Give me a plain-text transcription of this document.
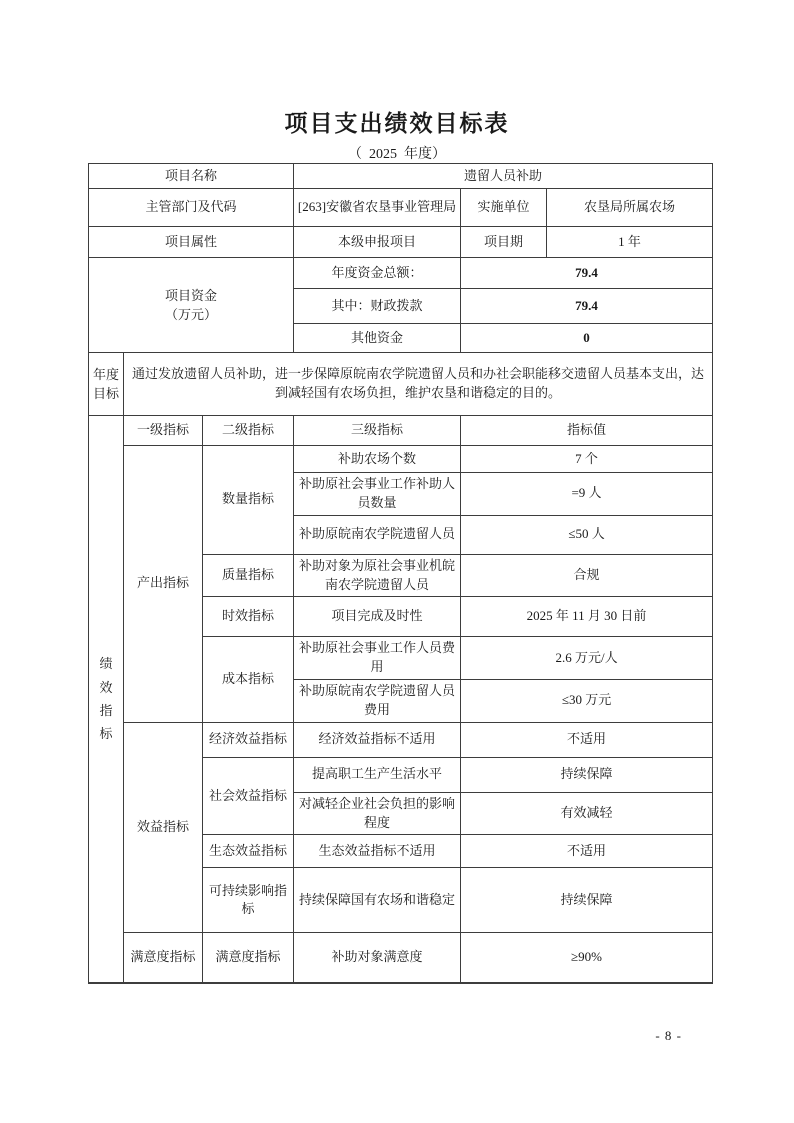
项目支出绩效目标表
（  2025  年度）
项目名称			遗留人员补助		
主管部门及代码			[263]安徽省农垦事业管理局	实施单位	农垦局所属农场
项目属性			本级申报项目	项目期	1 年

项目资金
（万元）			年度资金总额：	79.4	
			其中：财政拨款	79.4	
			其他资金	0	

年度目标	通过发放遗留人员补助，进一步保障原皖南农学院遗留人员和办社会职能移交遗留人员基本支出，达到减轻国有农场负担，维护农垦和谐稳定的目的。				

绩效指标	一级指标	二级指标	三级指标	指标值	
	产出指标	数量指标	补助农场个数	7 个	
			补助原社会事业工作补助人员数量	=9 人	
			补助原皖南农学院遗留人员	≤50 人	
		质量指标	补助对象为原社会事业机皖南农学院遗留人员	合规	
		时效指标	项目完成及时性	2025 年 11 月 30 日前	
		成本指标	补助原社会事业工作人员费用	2.6 万元/人	
			补助原皖南农学院遗留人员费用	≤30 万元	
	效益指标	经济效益指标	经济效益指标不适用	不适用	
		社会效益指标	提高职工生产生活水平	持续保障	
			对减轻企业社会负担的影响程度	有效减轻	
		生态效益指标	生态效益指标不适用	不适用	
		可持续影响指标	持续保障国有农场和谐稳定	持续保障	
	满意度指标	满意度指标	补助对象满意度	≥90%	
- 8 -
